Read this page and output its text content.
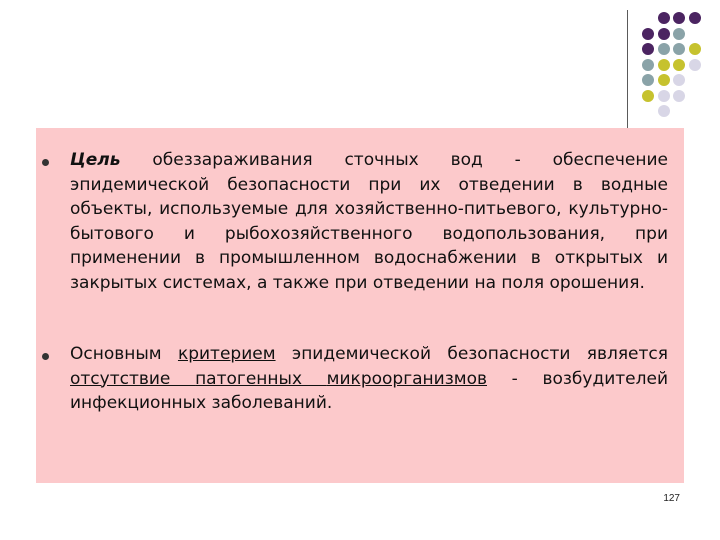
Цель обеззараживания сточных вод - обеспечение эпидемической безопасности при их отведении в водные объекты, используемые для хозяйственно-питьевого, культурно-бытового и рыбохозяйственного водопользования, при применении в промышленном водоснабжении в открытых и закрытых системах, а также при отведении на поля орошения.
Основным критерием эпидемической безопасности является отсутствие патогенных микроорганизмов - возбудителей инфекционных заболеваний.
127
